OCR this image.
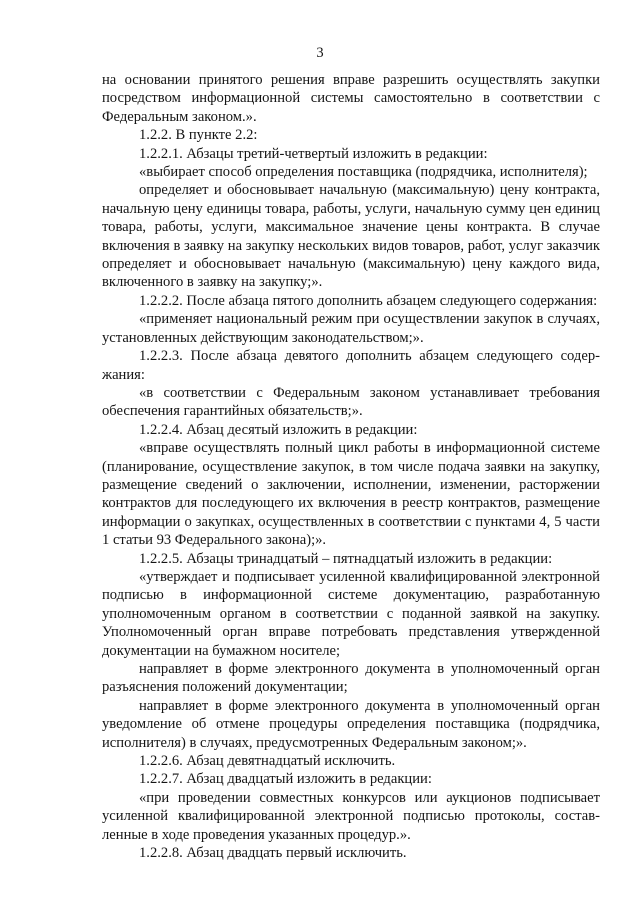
3

на основании принятого решения вправе разрешить осуществлять закупки посредством информационной системы самостоятельно в соответствии с Федеральным законом.».

1.2.2. В пункте 2.2:

1.2.2.1. Абзацы третий-четвертый изложить в редакции:

«выбирает способ определения поставщика (подрядчика, исполнителя);

определяет и обосновывает начальную (максимальную) цену контракта, начальную цену единицы товара, работы, услуги, начальную сумму цен единиц товара, работы, услуги, максимальное значение цены контракта. В случае включения в заявку на закупку нескольких видов товаров, работ, услуг заказчик определяет и обосновывает начальную (максимальную) цену каждого вида, включенного в заявку на закупку;».

1.2.2.2. После абзаца пятого дополнить абзацем следующего содержания:

«применяет национальный режим при осуществлении закупок в случаях, установленных действующим законодательством;».

1.2.2.3. После абзаца девятого дополнить абзацем следующего содержания:

«в соответствии с Федеральным законом устанавливает требования обеспечения гарантийных обязательств;».

1.2.2.4. Абзац десятый изложить в редакции:

«вправе осуществлять полный цикл работы в информационной системе (планирование, осуществление закупок, в том числе подача заявки на закупку, размещение сведений о заключении, исполнении, изменении, расторжении контрактов для последующего их включения в реестр контрактов, размещение информации о закупках, осуществленных в соответствии с пунктами 4, 5 части 1 статьи 93 Федерального закона);».

1.2.2.5. Абзацы тринадцатый – пятнадцатый изложить в редакции:

«утверждает и подписывает усиленной квалифицированной электронной подписью в информационной системе документацию, разработанную уполномоченным органом в соответствии с поданной заявкой на закупку. Уполномоченный орган вправе потребовать представления утвержденной документации на бумажном носителе;

направляет в форме электронного документа в уполномоченный орган разъяснения положений документации;

направляет в форме электронного документа в уполномоченный орган уведомление об отмене процедуры определения поставщика (подрядчика, исполнителя) в случаях, предусмотренных Федеральным законом;».

1.2.2.6. Абзац девятнадцатый исключить.

1.2.2.7. Абзац двадцатый изложить в редакции:

«при проведении совместных конкурсов или аукционов подписывает усиленной квалифицированной электронной подписью протоколы, составленные в ходе проведения указанных процедур.».

1.2.2.8. Абзац двадцать первый исключить.
